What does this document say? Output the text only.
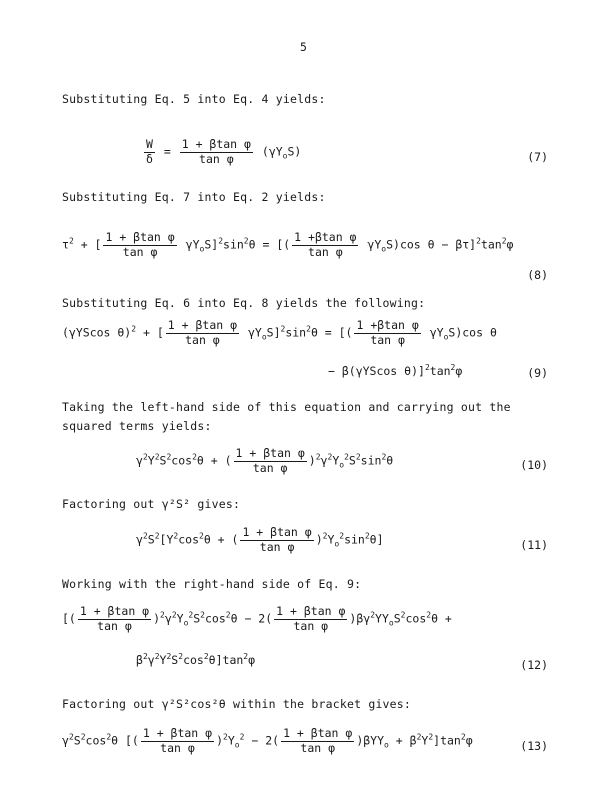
5
Substituting Eq. 5 into Eq. 4 yields:
$\frac{W}{\delta} = \frac{\text{1 + βtan φ}}{\text{tan φ}} (\gamma Y_oS)$	(7)
Substituting Eq. 7 into Eq. 2 yields:
$\tau^2$ + [ $\frac{\text{1 + βtan φ}}{\text{tan φ}} \gamma Y_oS]^2\sin^2\theta$ = [( $\frac{\text{1 +βtan φ}}{\text{tan φ}} \gamma Y_oS)\cos$ $\theta - \beta\tau]^2\tan^2\varphi$
(8)
Substituting Eq. 6 into Eq. 8 yields the following:
(γYScos θ)$^2$ + [ $\frac{\text{1 + βtan φ}}{\text{tan φ}} \gamma Y_oS]^2\sin^2\theta$ = [( $\frac{\text{1 +βtan φ}}{\text{tan φ}} \gamma Y_oS)\cos$ θ
− β(γYScos $\theta)]^2\tan^2\varphi$	(9)
Taking the left-hand side of this equation and carrying out the
squared terms yields:
$\gamma^2Y^2S^2\cos^2\theta$ + ( $\frac{\text{1 + βtan φ}}{\text{tan φ}} )^2\gamma^2Y_o^2S^2\sin^2\theta$	(10)
Factoring out γ²S² gives:
$\gamma^2S^2[Y^2\cos^2\theta$ + ( $\frac{\text{1 + βtan φ}}{\text{tan φ}} )^2Y_o^2\sin^2\theta$]	(11)
Working with the right-hand side of Eq. 9:
[( $\frac{\text{1 + βtan φ}}{\text{tan φ}} )^2\gamma^2Y_o^2S^2\cos^2\theta - 2( \frac{\text{1 + βtan φ}}{\text{tan φ}} )\beta\gamma^2YY_oS^2\cos^2\theta$ +
$\beta^2\gamma^2Y^2S^2\cos^2\theta]\tan^2\varphi$	(12)
Factoring out γ²S²cos²θ within the bracket gives:
$\gamma^2S^2\cos^2\theta$ [( $\frac{\text{1 + βtan φ}}{\text{tan φ}} )^2Y_o^2 - 2( \frac{\text{1 + βtan φ}}{\text{tan φ}} )\beta YY_o + \beta^2Y^2]\tan^2\varphi$	(13)
